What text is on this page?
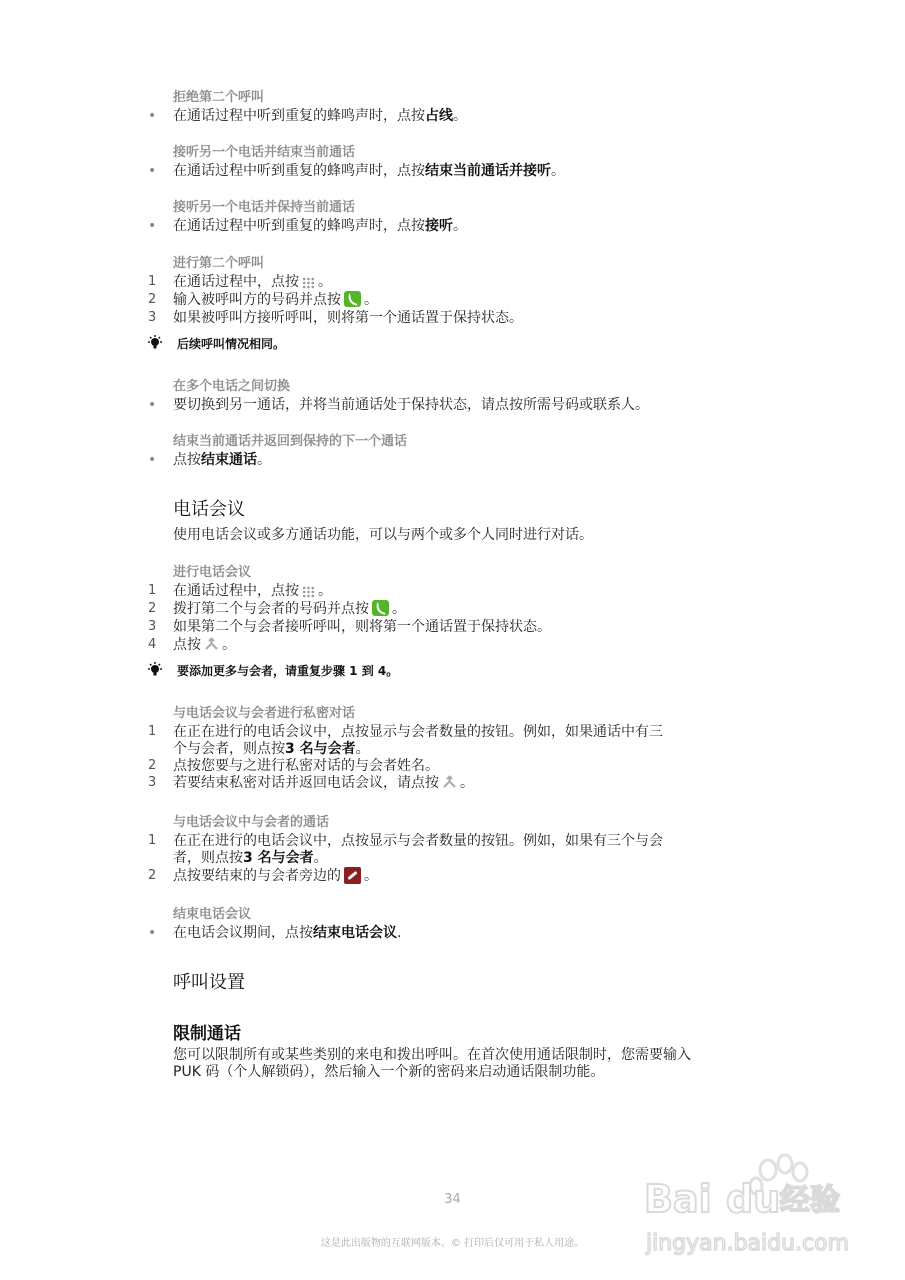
拒绝第二个呼叫
• 在通话过程中听到重复的蜂鸣声时，点按占线。
接听另一个电话并结束当前通话
• 在通话过程中听到重复的蜂鸣声时，点按结束当前通话并接听。
接听另一个电话并保持当前通话
• 在通话过程中听到重复的蜂鸣声时，点按接听。
进行第二个呼叫
1 在通话过程中，点按 。
2 输入被呼叫方的号码并点按 。
3 如果被呼叫方接听呼叫，则将第一个通话置于保持状态。
后续呼叫情况相同。
在多个电话之间切换
• 要切换到另一通话，并将当前通话处于保持状态，请点按所需号码或联系人。
结束当前通话并返回到保持的下一个通话
• 点按结束通话。
电话会议
使用电话会议或多方通话功能，可以与两个或多个人同时进行对话。
进行电话会议
1 在通话过程中，点按 。
2 拨打第二个与会者的号码并点按 。
3 如果第二个与会者接听呼叫，则将第一个通话置于保持状态。
4 点按 。
要添加更多与会者，请重复步骤 1 到 4。
与电话会议与会者进行私密对话
1 在正在进行的电话会议中，点按显示与会者数量的按钮。例如，如果通话中有三
个与会者，则点按3 名与会者。
2 点按您要与之进行私密对话的与会者姓名。
3 若要结束私密对话并返回电话会议，请点按 。
与电话会议中与会者的通话
1 在正在进行的电话会议中，点按显示与会者数量的按钮。例如，如果有三个与会
者，则点按3 名与会者。
2 点按要结束的与会者旁边的 。
结束电话会议
• 在电话会议期间，点按结束电话会议.
呼叫设置
限制通话
您可以限制所有或某些类别的来电和拨出呼叫。在首次使用通话限制时，您需要输入
PUK 码（个人解锁码），然后输入一个新的密码来启动通话限制功能。
34
这是此出版物的互联网版本。© 打印后仅可用于私人用途。
Bai du 经验
jingyan.baidu.com
